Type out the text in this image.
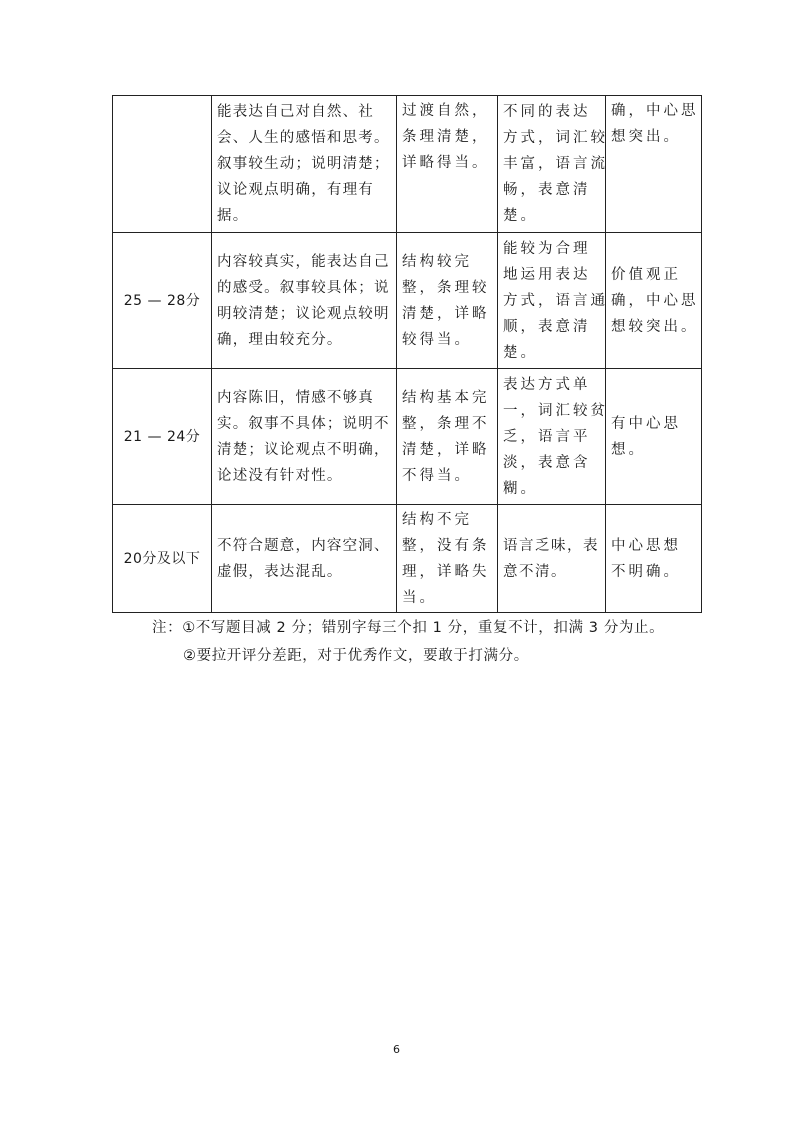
	能表达自己对自然、社
会、人生的感悟和思考。
叙事较生动；说明清楚；
议论观点明确，有理有
据。	过渡自然，
条理清楚，
详略得当。	不同的表达
方式，词汇较
丰富，语言流
畅，表意清
楚。	确，中心思
想突出。

25 — 28分	内容较真实，能表达自己
的感受。叙事较具体；说
明较清楚；议论观点较明
确，理由较充分。	结构较完
整，条理较
清楚，详略
较得当。	能较为合理
地运用表达
方式，语言通
顺，表意清
楚。	价值观正
确，中心思
想较突出。

21 — 24分	内容陈旧，情感不够真
实。叙事不具体；说明不
清楚；议论观点不明确，
论述没有针对性。	结构基本完
整，条理不
清楚，详略
不得当。	表达方式单
一，词汇较贫
乏，语言平
淡，表意含
糊。	有中心思
想。

20分及以下	不符合题意，内容空洞、
虚假，表达混乱。	结构不完
整，没有条
理，详略失
当。	语言乏味，表
意不清。	中心思想
不明确。
注：①不写题目减 2 分；错别字每三个扣 1 分，重复不计，扣满 3 分为止。
②要拉开评分差距，对于优秀作文，要敢于打满分。
6
